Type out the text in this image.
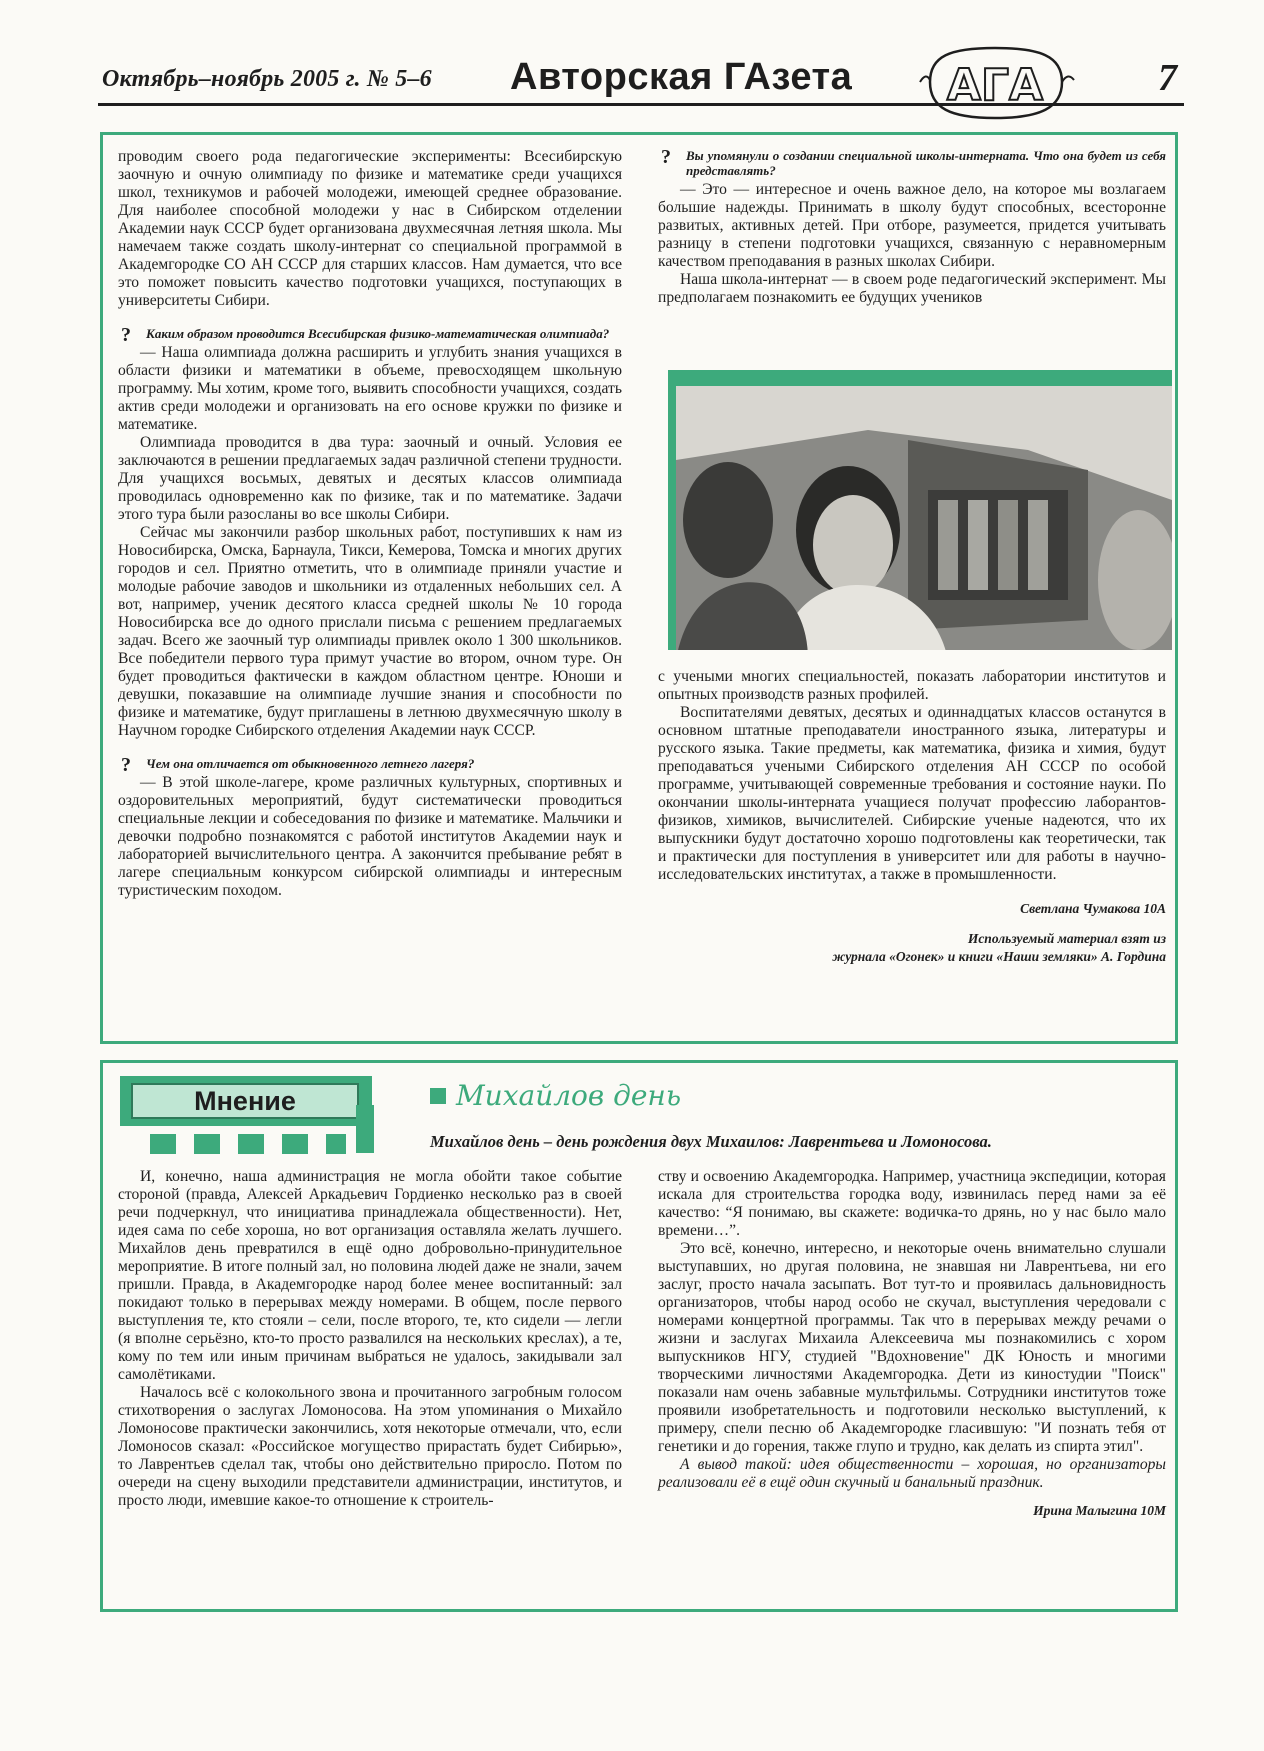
Октябрь–ноябрь 2005 г. № 5–6 Авторская ГАзета АГА	7

проводим своего рода педагогические эксперименты: Всесибирскую заочную и очную олимпиаду по физике и математике среди учащихся школ, техникумов и рабочей молодежи, имеющей среднее образование. Для наиболее способной молодежи у нас в Сибирском отделении Академии наук СССР будет организована двухмесячная летняя школа. Мы намечаем также создать школу-интернат со специальной программой в Академгородке СО АН СССР для старших классов. Нам думается, что все это поможет повысить качество подготовки учащихся, поступающих в университеты Сибири.

? Каким образом проводится Всесибирская физико-математическая олимпиада?

— Наша олимпиада должна расширить и углубить знания учащихся в области физики и математики в объеме, превосходящем школьную программу. Мы хотим, кроме того, выявить способности учащихся, создать актив среди молодежи и организовать на его основе кружки по физике и математике.

Олимпиада проводится в два тура: заочный и очный. Условия ее заключаются в решении предлагаемых задач различной степени трудности. Для учащихся восьмых, девятых и десятых классов олимпиада проводилась одновременно как по физике, так и по математике. Задачи этого тура были разосланы во все школы Сибири.

Сейчас мы закончили разбор школьных работ, поступивших к нам из Новосибирска, Омска, Барнаула, Тикси, Кемерова, Томска и многих других городов и сел. Приятно отметить, что в олимпиаде приняли участие и молодые рабочие заводов и школьники из отдаленных небольших сел. А вот, например, ученик десятого класса средней школы № 10 города Новосибирска все до одного прислали письма с решением предлагаемых задач. Всего же заочный тур олимпиады привлек около 1 300 школьников. Все победители первого тура примут участие во втором, очном туре. Он будет проводиться фактически в каждом областном центре. Юноши и девушки, показавшие на олимпиаде лучшие знания и способности по физике и математике, будут приглашены в летнюю двухмесячную школу в Научном городке Сибирского отделения Академии наук СССР.

? Чем она отличается от обыкновенного летнего лагеря?

— В этой школе-лагере, кроме различных культурных, спортивных и оздоровительных мероприятий, будут систематически проводиться специальные лекции и собеседования по физике и математике. Мальчики и девочки подробно познакомятся с работой институтов Академии наук и лабораторией вычислительного центра. А закончится пребывание ребят в лагере специальным конкурсом сибирской олимпиады и интересным туристическим походом.

? Вы упомянули о создании специальной школы-интерната. Что она будет из себя представлять?

— Это — интересное и очень важное дело, на которое мы возлагаем большие надежды. Принимать в школу будут способных, всесторонне развитых, активных детей. При отборе, разумеется, придется учитывать разницу в степени подготовки учащихся, связанную с неравномерным качеством преподавания в разных школах Сибири.

Наша школа-интернат — в своем роде педагогический эксперимент. Мы предполагаем познакомить ее будущих учеников

с учеными многих специальностей, показать лаборатории институтов и опытных производств разных профилей.

Воспитателями девятых, десятых и одиннадцатых классов останутся в основном штатные преподаватели иностранного языка, литературы и русского языка. Такие предметы, как математика, физика и химия, будут преподаваться учеными Сибирского отделения АН СССР по особой программе, учитывающей современные требования и состояние науки. По окончании школы-интерната учащиеся получат профессию лаборантов-физиков, химиков, вычислителей. Сибирские ученые надеются, что их выпускники будут достаточно хорошо подготовлены как теоретически, так и практически для поступления в университет или для работы в научно-исследовательских институтах, а также в промышленности.

Светлана Чумакова 10А
Используемый материал взят из
журнала «Огонек» и книги «Наши земляки» А. Гордина
Мнение	Михайлов день
Михайлов день – день рождения двух Михаилов: Лаврентьева и Ломоносова.

И, конечно, наша администрация не могла обойти такое событие стороной (правда, Алексей Аркадьевич Гордиенко несколько раз в своей речи подчеркнул, что инициатива принадлежала общественности). Нет, идея сама по себе хороша, но вот организация оставляла желать лучшего. Михайлов день превратился в ещё одно добровольно-принудительное мероприятие. В итоге полный зал, но половина людей даже не знали, зачем пришли. Правда, в Академгородке народ более менее воспитанный: зал покидают только в перерывах между номерами. В общем, после первого выступления те, кто стояли – сели, после второго, те, кто сидели — легли (я вполне серьёзно, кто-то просто развалился на нескольких креслах), а те, кому по тем или иным причинам выбраться не удалось, закидывали зал самолётиками.

Началось всё с колокольного звона и прочитанного загробным голосом стихотворения о заслугах Ломоносова. На этом упоминания о Михайло Ломоносове практически закончились, хотя некоторые отмечали, что, если Ломоносов сказал: «Российское могущество прирастать будет Сибирью», то Лаврентьев сделал так, чтобы оно действительно приросло. Потом по очереди на сцену выходили представители администрации, институтов, и просто люди, имевшие какое-то отношение к строитель-

ству и освоению Академгородка. Например, участница экспедиции, которая искала для строительства городка воду, извинилась перед нами за её качество: “Я понимаю, вы скажете: водичка-то дрянь, но у нас было мало времени…”.

Это всё, конечно, интересно, и некоторые очень внимательно слушали выступавших, но другая половина, не знавшая ни Лаврентьева, ни его заслуг, просто начала засыпать. Вот тут-то и проявилась дальновидность организаторов, чтобы народ особо не скучал, выступления чередовали с номерами концертной программы. Так что в перерывах между речами о жизни и заслугах Михаила Алексеевича мы познакомились с хором выпускников НГУ, студией "Вдохновение" ДК Юность и многими творческими личностями Академгородка. Дети из киностудии "Поиск" показали нам очень забавные мультфильмы. Сотрудники институтов тоже проявили изобретательность и подготовили несколько выступлений, к примеру, спели песню об Академгородке гласившую: "И познать тебя от генетики и до горения, также глупо и трудно, как делать из спирта этил".

А вывод такой: идея общественности – хорошая, но организаторы реализовали её в ещё один скучный и банальный праздник.

Ирина Малыгина 10М
